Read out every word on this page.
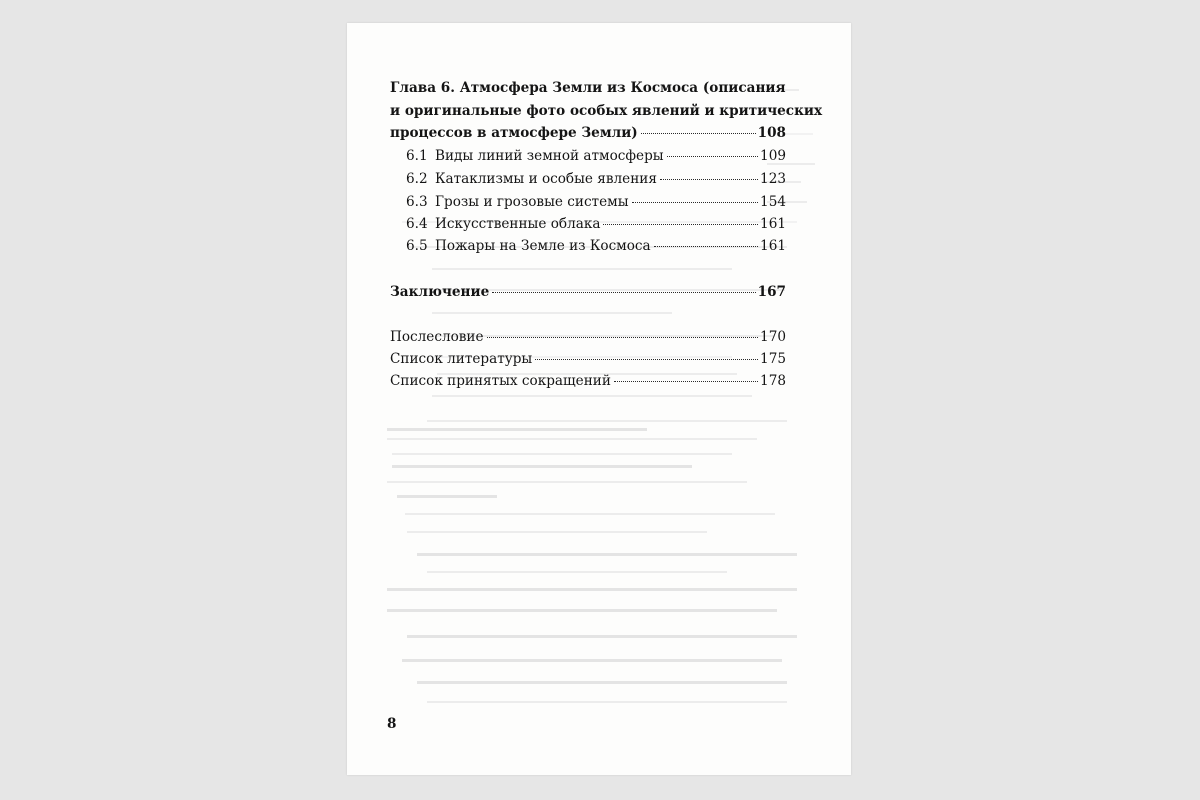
Глава 6. Атмосфера Земли из Космоса (описания
и оригинальные фото особых явлений и критических
процессов в атмосфере Земли)	108
6.1 Виды линий земной атмосферы	109
6.2 Катаклизмы и особые явления	123
6.3 Грозы и грозовые системы	154
6.4 Искусственные облака	161
6.5 Пожары на Земле из Космоса	161
Заключение	167
Послесловие	170
Список литературы	175
Список принятых сокращений	178
8
